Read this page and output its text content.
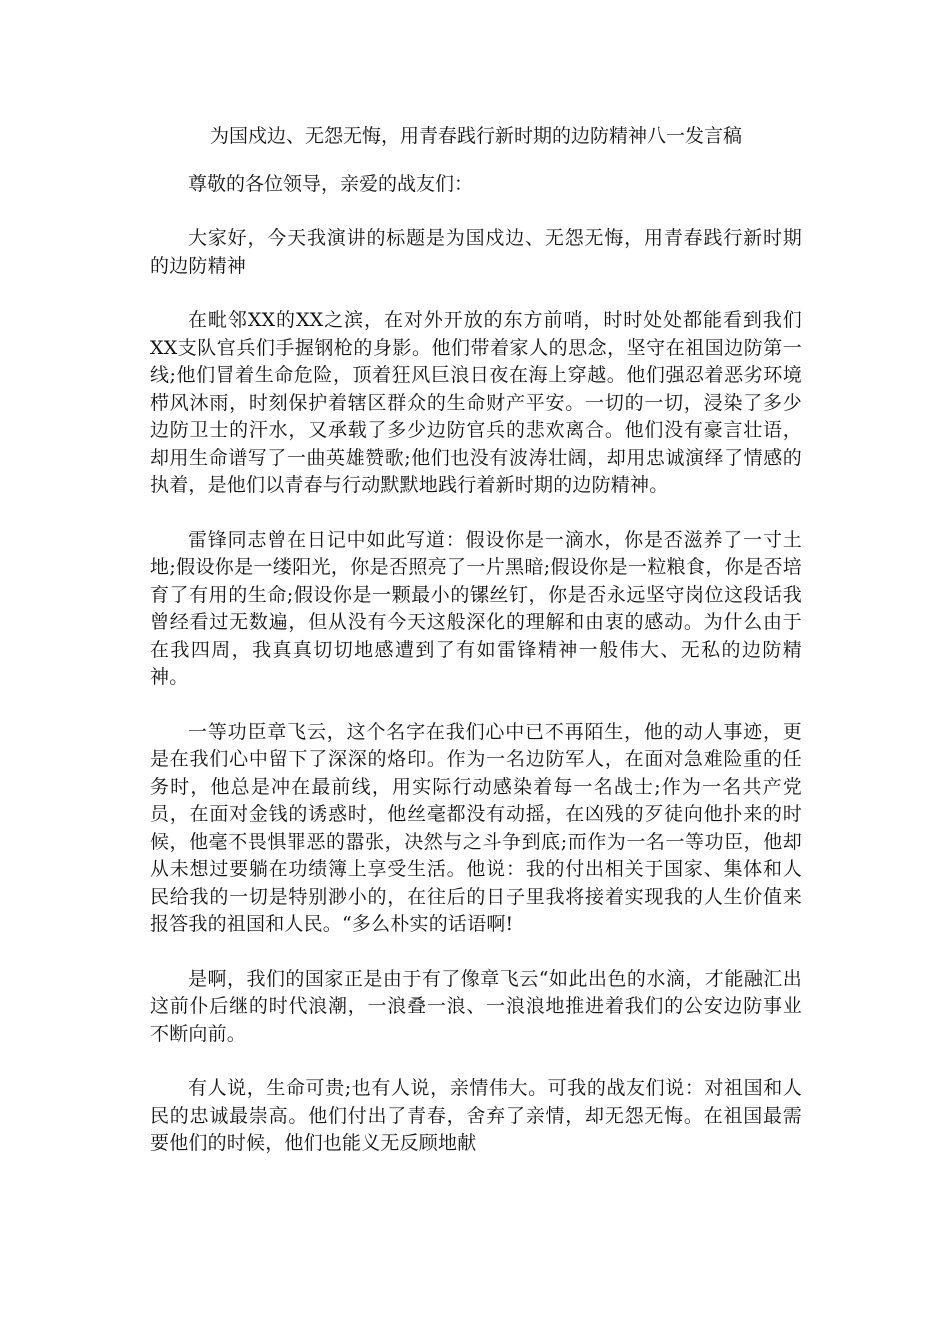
为国戍边、无怨无悔，用青春践行新时期的边防精神八一发言稿
尊敬的各位领导，亲爱的战友们：
大家好，今天我演讲的标题是为国戍边、无怨无悔，用青春践行新时期的边防精神
在毗邻XX的XX之滨，在对外开放的东方前哨，时时处处都能看到我们XX支队官兵们手握钢枪的身影。他们带着家人的思念，坚守在祖国边防第一线;他们冒着生命危险，顶着狂风巨浪日夜在海上穿越。他们强忍着恶劣环境栉风沐雨，时刻保护着辖区群众的生命财产平安。一切的一切，浸染了多少边防卫士的汗水，又承载了多少边防官兵的悲欢离合。他们没有豪言壮语，却用生命谱写了一曲英雄赞歌;他们也没有波涛壮阔，却用忠诚演绎了情感的执着，是他们以青春与行动默默地践行着新时期的边防精神。
雷锋同志曾在日记中如此写道：假设你是一滴水，你是否滋养了一寸土地;假设你是一缕阳光，你是否照亮了一片黑暗;假设你是一粒粮食，你是否培育了有用的生命;假设你是一颗最小的镙丝钉，你是否永远坚守岗位这段话我曾经看过无数遍，但从没有今天这般深化的理解和由衷的感动。为什么由于在我四周，我真真切切地感遭到了有如雷锋精神一般伟大、无私的边防精神。
一等功臣章飞云，这个名字在我们心中已不再陌生，他的动人事迹，更是在我们心中留下了深深的烙印。作为一名边防军人，在面对急难险重的任务时，他总是冲在最前线，用实际行动感染着每一名战士;作为一名共产党员，在面对金钱的诱惑时，他丝毫都没有动摇，在凶残的歹徒向他扑来的时候，他毫不畏惧罪恶的嚣张，决然与之斗争到底;而作为一名一等功臣，他却从未想过要躺在功绩簿上享受生活。他说：我的付出相关于国家、集体和人民给我的一切是特别渺小的，在往后的日子里我将接着实现我的人生价值来报答我的祖国和人民。“多么朴实的话语啊!
是啊，我们的国家正是由于有了像章飞云“如此出色的水滴，才能融汇出这前仆后继的时代浪潮，一浪叠一浪、一浪浪地推进着我们的公安边防事业不断向前。
有人说，生命可贵;也有人说，亲情伟大。可我的战友们说：对祖国和人民的忠诚最崇高。他们付出了青春，舍弃了亲情，却无怨无悔。在祖国最需要他们的时候，他们也能义无反顾地献
